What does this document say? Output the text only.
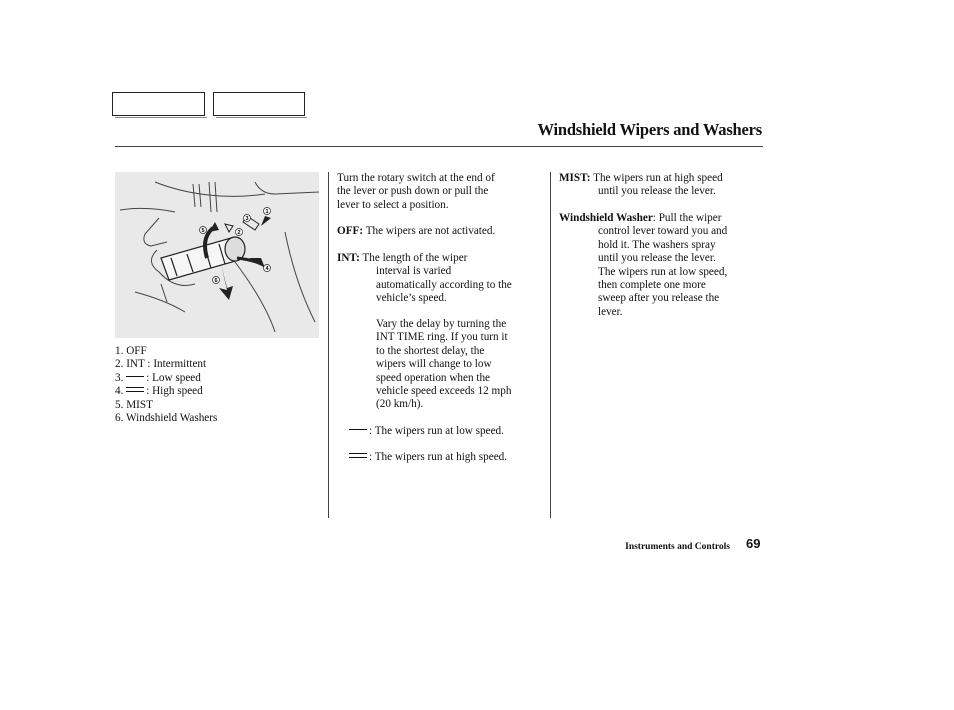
Windshield Wipers and Washers
1
2
3
4
5
6
1. OFF
2. INT : Intermittent
3. : Low speed
4. : High speed
5. MIST
6. Windshield Washers
Turn the rotary switch at the end of
the lever or push down or pull the
lever to select a position.
OFF: The wipers are not activated.
INT: The length of the wiper
interval is varied
automatically according to the
vehicle’s speed.
Vary the delay by turning the
INT TIME ring. If you turn it
to the shortest delay, the
wipers will change to low
speed operation when the
vehicle speed exceeds 12 mph
(20 km/h).
: The wipers run at low speed.
: The wipers run at high speed.
MIST: The wipers run at high speed
until you release the lever.
Windshield Washer: Pull the wiper
control lever toward you and
hold it. The washers spray
until you release the lever.
The wipers run at low speed,
then complete one more
sweep after you release the
lever.
Instruments and Controls 69
